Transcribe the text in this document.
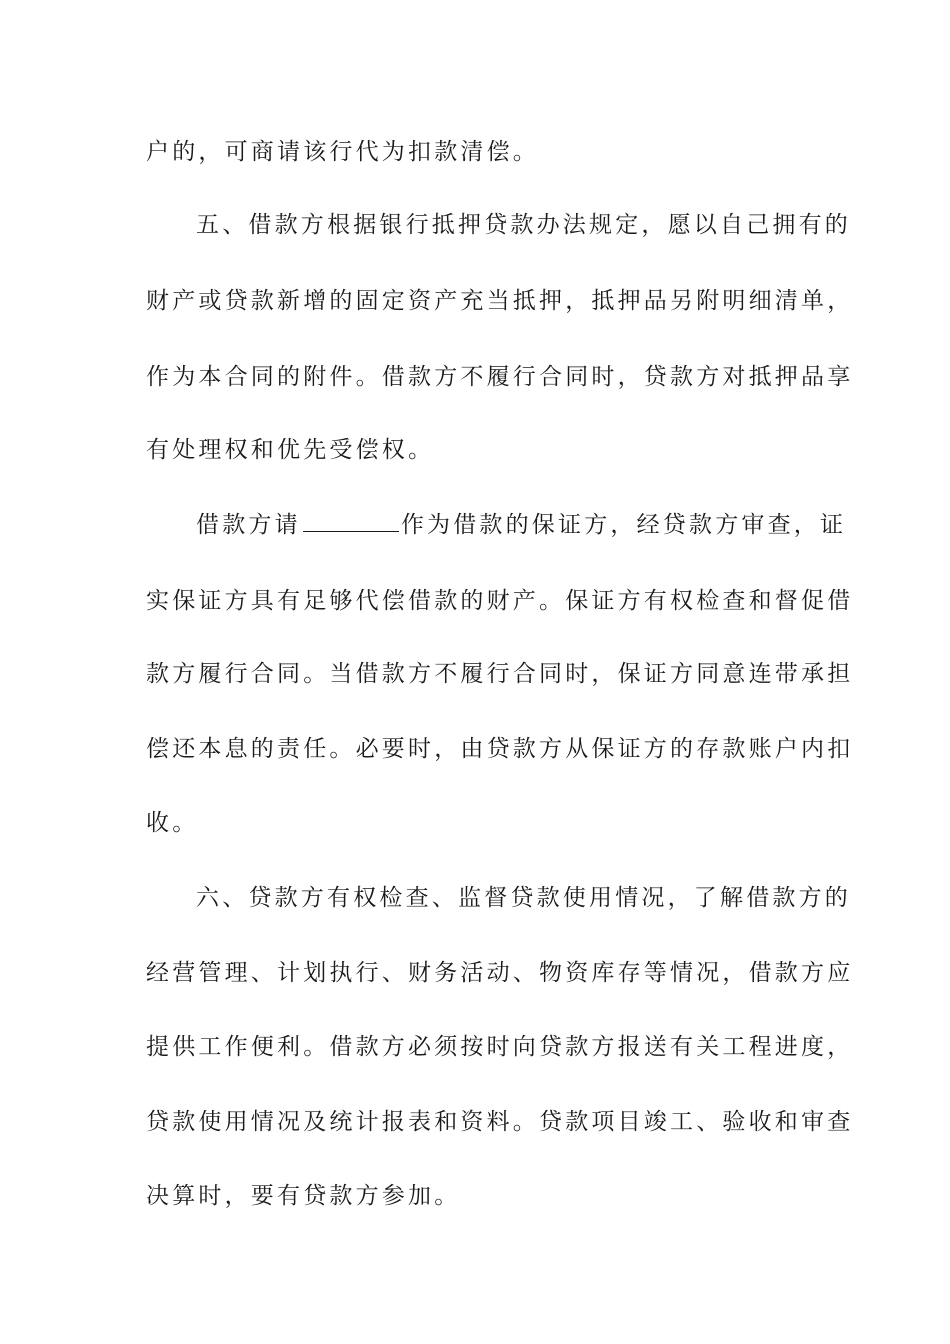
户的，可商请该行代为扣款清偿。
五、借款方根据银行抵押贷款办法规定，愿以自己拥有的
财产或贷款新增的固定资产充当抵押，抵押品另附明细清单，
作为本合同的附件。借款方不履行合同时，贷款方对抵押品享
有处理权和优先受偿权。
借款方请	作为借款的保证方，经贷款方审查，证
实保证方具有足够代偿借款的财产。保证方有权检查和督促借
款方履行合同。当借款方不履行合同时，保证方同意连带承担
偿还本息的责任。必要时，由贷款方从保证方的存款账户内扣
收。
六、贷款方有权检查、监督贷款使用情况，了解借款方的
经营管理、计划执行、财务活动、物资库存等情况，借款方应
提供工作便利。借款方必须按时向贷款方报送有关工程进度，
贷款使用情况及统计报表和资料。贷款项目竣工、验收和审查
决算时，要有贷款方参加。
